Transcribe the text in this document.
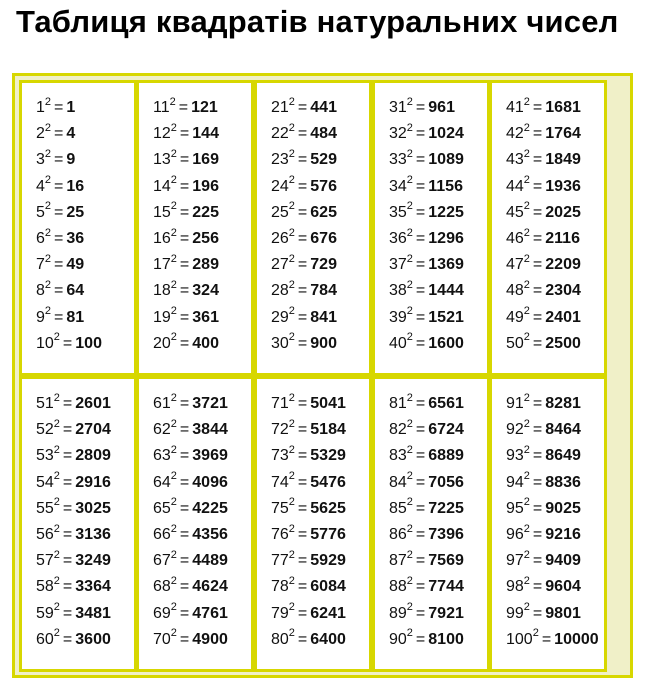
Таблиця квадратів натуральних чисел
$1^2 = 1$
$2^2 = 4$
$3^2 = 9$
$4^2 = 16$
$5^2 = 25$
$6^2 = 36$
$7^2 = 49$
$8^2 = 64$
$9^2 = 81$
$10^2 = 100$
$11^2 = 121$
$12^2 = 144$
$13^2 = 169$
$14^2 = 196$
$15^2 = 225$
$16^2 = 256$
$17^2 = 289$
$18^2 = 324$
$19^2 = 361$
$20^2 = 400$
$21^2 = 441$
$22^2 = 484$
$23^2 = 529$
$24^2 = 576$
$25^2 = 625$
$26^2 = 676$
$27^2 = 729$
$28^2 = 784$
$29^2 = 841$
$30^2 = 900$
$31^2 = 961$
$32^2 = 1024$
$33^2 = 1089$
$34^2 = 1156$
$35^2 = 1225$
$36^2 = 1296$
$37^2 = 1369$
$38^2 = 1444$
$39^2 = 1521$
$40^2 = 1600$
$41^2 = 1681$
$42^2 = 1764$
$43^2 = 1849$
$44^2 = 1936$
$45^2 = 2025$
$46^2 = 2116$
$47^2 = 2209$
$48^2 = 2304$
$49^2 = 2401$
$50^2 = 2500$
$51^2 = 2601$
$52^2 = 2704$
$53^2 = 2809$
$54^2 = 2916$
$55^2 = 3025$
$56^2 = 3136$
$57^2 = 3249$
$58^2 = 3364$
$59^2 = 3481$
$60^2 = 3600$
$61^2 = 3721$
$62^2 = 3844$
$63^2 = 3969$
$64^2 = 4096$
$65^2 = 4225$
$66^2 = 4356$
$67^2 = 4489$
$68^2 = 4624$
$69^2 = 4761$
$70^2 = 4900$
$71^2 = 5041$
$72^2 = 5184$
$73^2 = 5329$
$74^2 = 5476$
$75^2 = 5625$
$76^2 = 5776$
$77^2 = 5929$
$78^2 = 6084$
$79^2 = 6241$
$80^2 = 6400$
$81^2 = 6561$
$82^2 = 6724$
$83^2 = 6889$
$84^2 = 7056$
$85^2 = 7225$
$86^2 = 7396$
$87^2 = 7569$
$88^2 = 7744$
$89^2 = 7921$
$90^2 = 8100$
$91^2 = 8281$
$92^2 = 8464$
$93^2 = 8649$
$94^2 = 8836$
$95^2 = 9025$
$96^2 = 9216$
$97^2 = 9409$
$98^2 = 9604$
$99^2 = 9801$
$100^2 = 10000$
